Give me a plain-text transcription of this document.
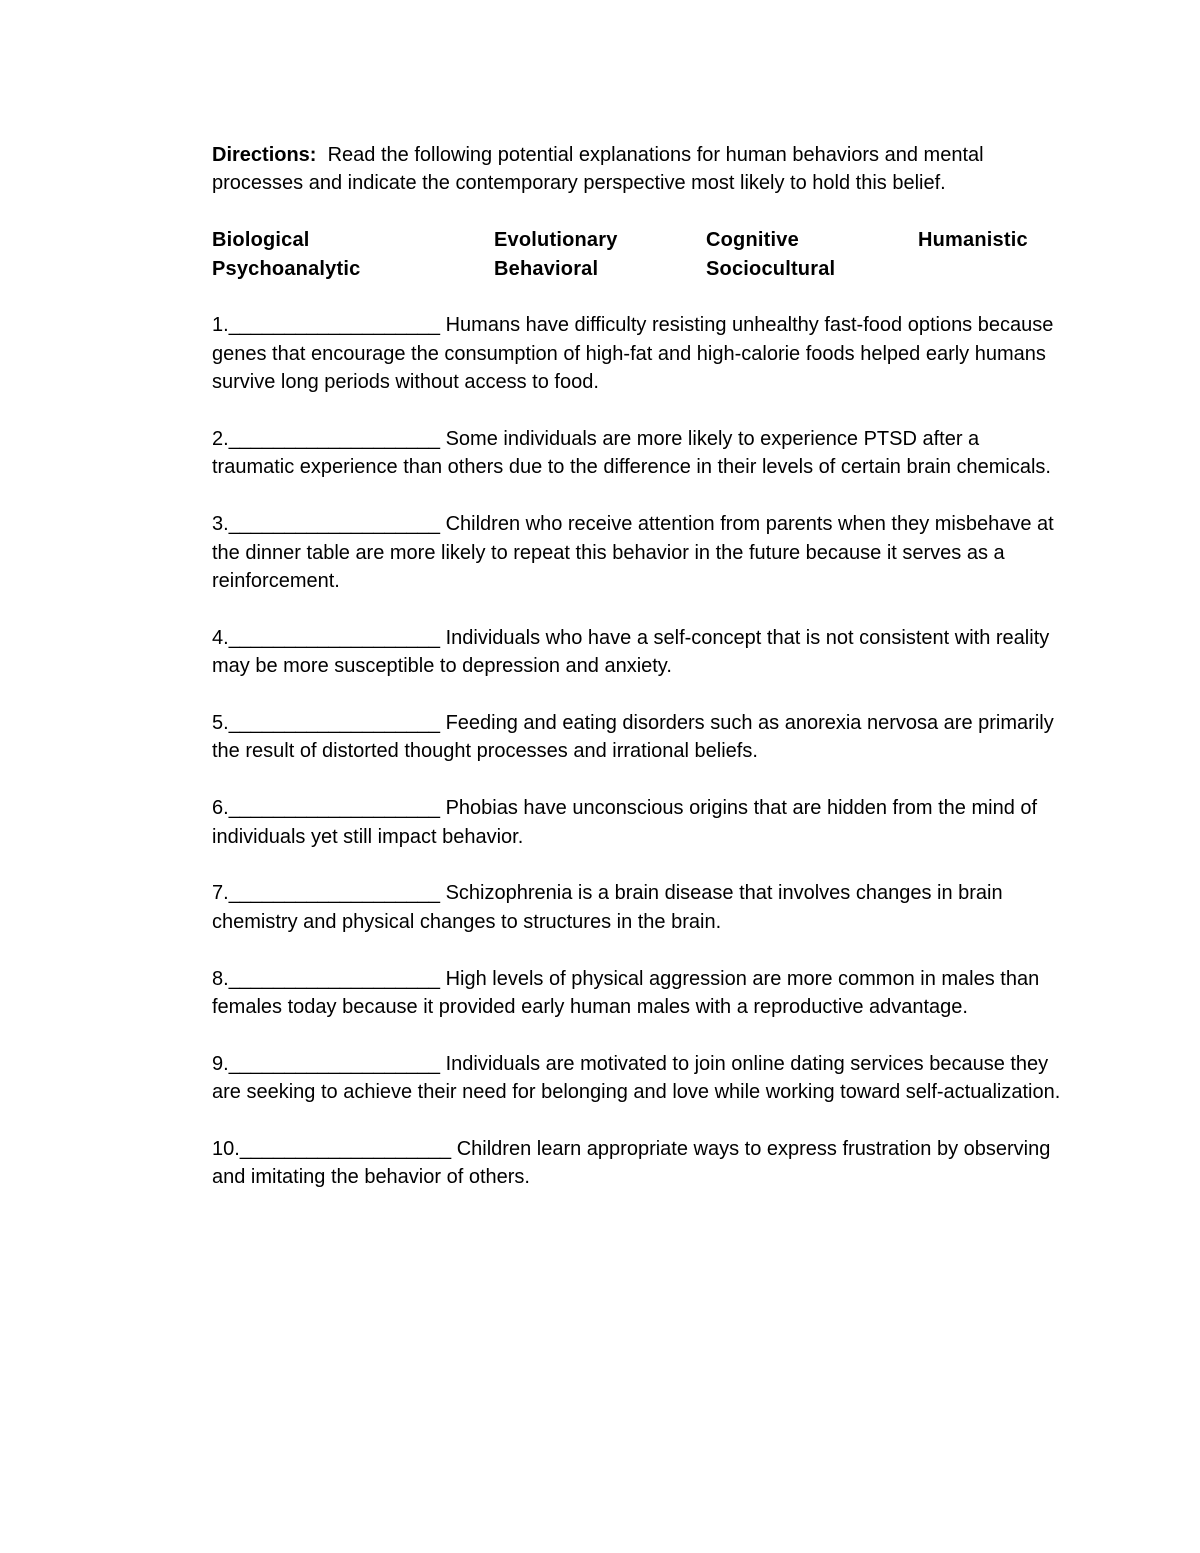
Directions: Read the following potential explanations for human behaviors and mental processes and indicate the contemporary perspective most likely to hold this belief.

Biological	Evolutionary	Cognitive	Humanistic
Psychoanalytic	Behavioral	Sociocultural

1.___________________ Humans have difficulty resisting unhealthy fast-food options because genes that encourage the consumption of high-fat and high-calorie foods helped early humans survive long periods without access to food.

2.___________________ Some individuals are more likely to experience PTSD after a traumatic experience than others due to the difference in their levels of certain brain chemicals.

3.___________________ Children who receive attention from parents when they misbehave at the dinner table are more likely to repeat this behavior in the future because it serves as a reinforcement.

4.___________________ Individuals who have a self-concept that is not consistent with reality may be more susceptible to depression and anxiety.

5.___________________ Feeding and eating disorders such as anorexia nervosa are primarily the result of distorted thought processes and irrational beliefs.

6.___________________ Phobias have unconscious origins that are hidden from the mind of individuals yet still impact behavior.

7.___________________ Schizophrenia is a brain disease that involves changes in brain chemistry and physical changes to structures in the brain.

8.___________________ High levels of physical aggression are more common in males than females today because it provided early human males with a reproductive advantage.

9.___________________ Individuals are motivated to join online dating services because they are seeking to achieve their need for belonging and love while working toward self-actualization.

10.___________________ Children learn appropriate ways to express frustration by observing and imitating the behavior of others.
